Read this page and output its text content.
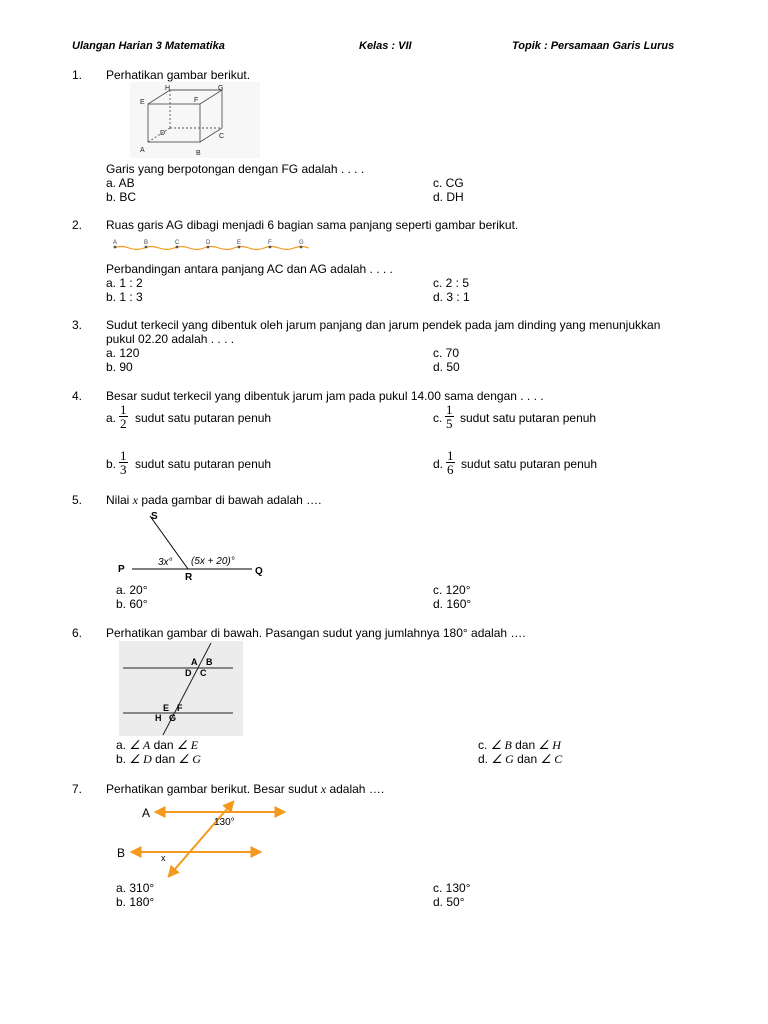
Ulangan Harian 3 Matematika	Kelas : VII	Topik : Persamaan Garis Lurus
1. Perhatikan gambar berikut.
H	G
E	F
D	C
A	B
Garis yang berpotongan dengan FG adalah . . . .
a. AB
b. BC
c. CG
d. DH
2. Ruas garis AG dibagi menjadi 6 bagian sama panjang seperti gambar berikut.
A	B	C	D	E	F	G
Perbandingan antara panjang AC dan AG adalah . . . .
a. 1 : 2
b. 1 : 3
c. 2 : 5
d. 3 : 1
3. Sudut terkecil yang dibentuk oleh jarum panjang dan jarum pendek pada jam dinding yang menunjukkan
pukul 02.20 adalah . . . .
a. 120
b. 90
c. 70
d. 50
4. Besar sudut terkecil yang dibentuk jarum jam pada pukul 14.00 sama dengan . . . .
a. $\frac{1}{2}$ sudut satu putaran penuh
b. $\frac{1}{3}$ sudut satu putaran penuh
c. $\frac{1}{5}$ sudut satu putaran penuh
d. $\frac{1}{6}$ sudut satu putaran penuh
5. Nilai x pada gambar di bawah adalah ….
S
P
R
Q
3x° (5x + 20)°
a. 20°
b. 60°
c. 120°
d. 160°
6. Perhatikan gambar di bawah. Pasangan sudut yang jumlahnya 180° adalah ….
A B
D C
E F
H G
a. ∠ A dan ∠ E
b. ∠ D dan ∠ G
c. ∠ B dan ∠ H
d. ∠ G dan ∠ C
7. Perhatikan gambar berikut. Besar sudut x adalah ….
A
B
130°
x
a. 310°
b. 180°
c. 130°
d. 50°
